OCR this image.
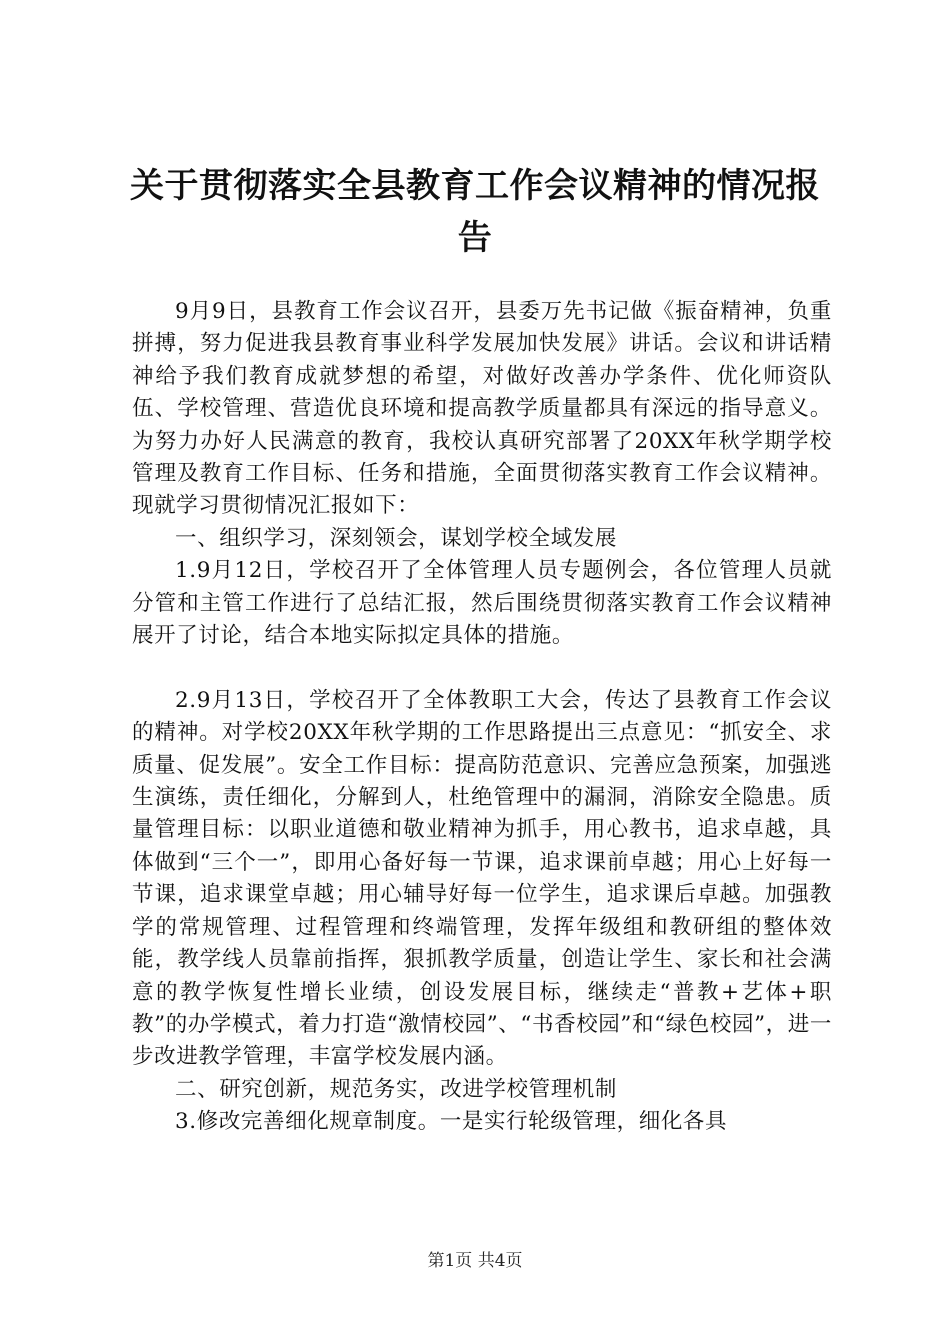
关于贯彻落实全县教育工作会议精神的情况报告

9月9日，县教育工作会议召开，县委万先书记做《振奋精神，负重拼搏，努力促进我县教育事业科学发展加快发展》讲话。会议和讲话精神给予我们教育成就梦想的希望，对做好改善办学条件、优化师资队伍、学校管理、营造优良环境和提高教学质量都具有深远的指导意义。为努力办好人民满意的教育，我校认真研究部署了20XX年秋学期学校管理及教育工作目标、任务和措施，全面贯彻落实教育工作会议精神。现就学习贯彻情况汇报如下：

一、组织学习，深刻领会，谋划学校全域发展

1.9月12日，学校召开了全体管理人员专题例会，各位管理人员就分管和主管工作进行了总结汇报，然后围绕贯彻落实教育工作会议精神展开了讨论，结合本地实际拟定具体的措施。

2.9月13日，学校召开了全体教职工大会，传达了县教育工作会议的精神。对学校20XX年秋学期的工作思路提出三点意见：“抓安全、求质量、促发展”。安全工作目标：提高防范意识、完善应急预案，加强逃生演练，责任细化，分解到人，杜绝管理中的漏洞，消除安全隐患。质量管理目标：以职业道德和敬业精神为抓手，用心教书，追求卓越，具体做到“三个一”，即用心备好每一节课，追求课前卓越；用心上好每一节课，追求课堂卓越；用心辅导好每一位学生，追求课后卓越。加强教学的常规管理、过程管理和终端管理，发挥年级组和教研组的整体效能，教学线人员靠前指挥，狠抓教学质量，创造让学生、家长和社会满意的教学恢复性增长业绩，创设发展目标，继续走“普教+艺体+职教”的办学模式，着力打造“激情校园”、“书香校园”和“绿色校园”，进一步改进教学管理，丰富学校发展内涵。

二、研究创新，规范务实，改进学校管理机制

3.修改完善细化规章制度。一是实行轮级管理，细化各具

第1页 共4页
